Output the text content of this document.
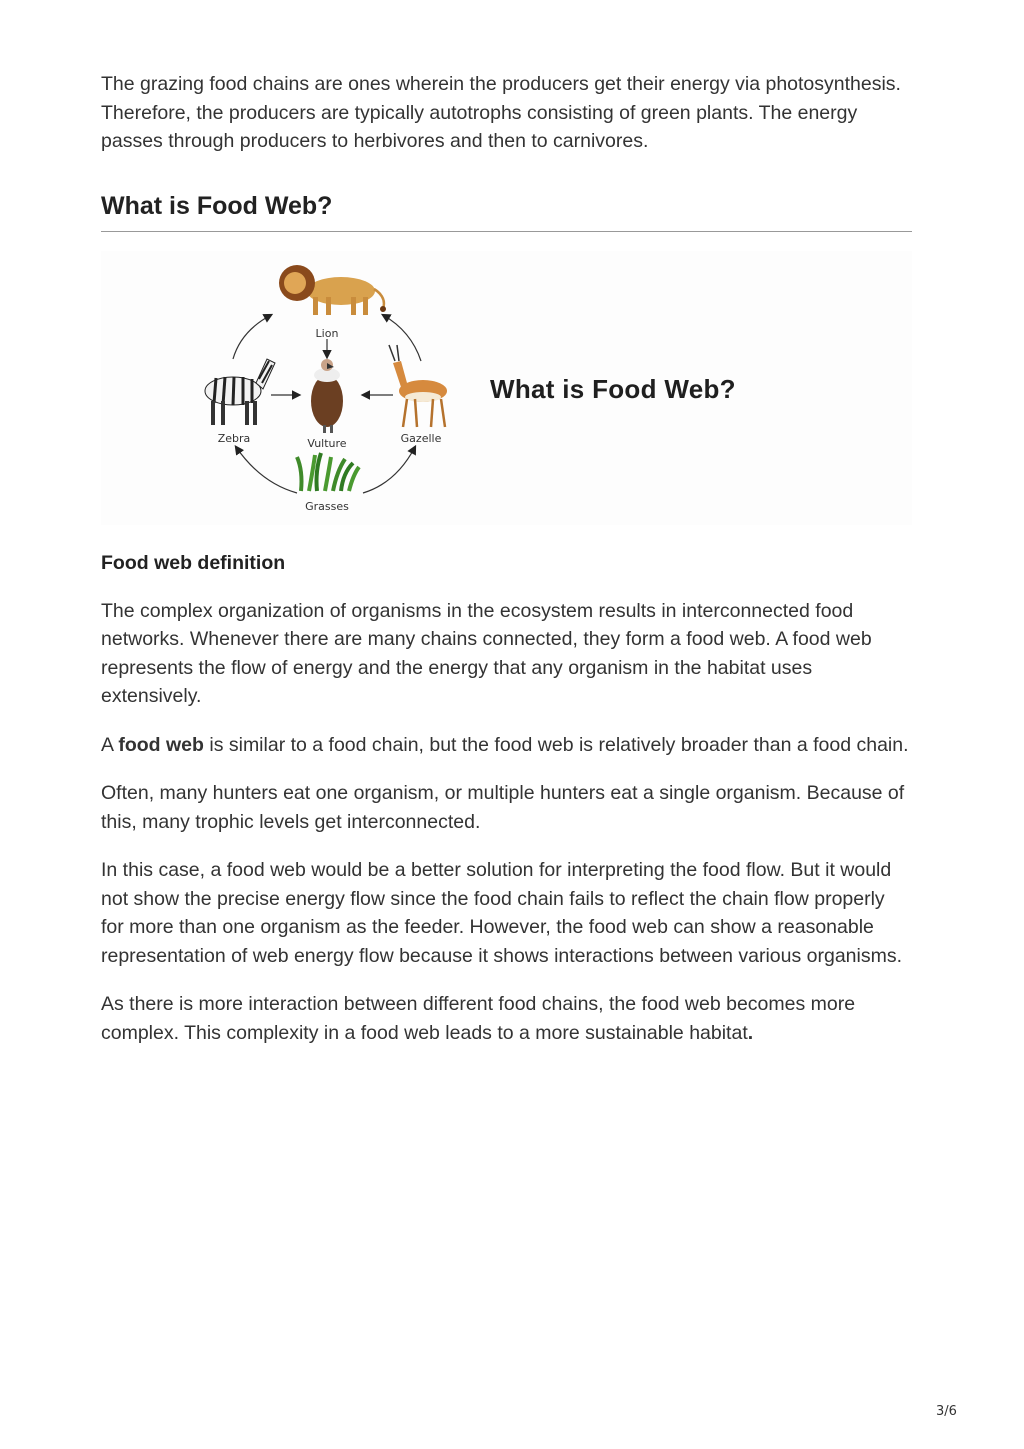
The grazing food chains are ones wherein the producers get their energy via photosynthesis. Therefore, the producers are typically autotrophs consisting of green plants. The energy passes through producers to herbivores and then to carnivores.

What is Food Web?
Lion
Zebra	Vulture	Gazelle
Grasses
What is Food Web?
Food web definition

The complex organization of organisms in the ecosystem results in interconnected food networks. Whenever there are many chains connected, they form a food web. A food web represents the flow of energy and the energy that any organism in the habitat uses extensively.

A food web is similar to a food chain, but the food web is relatively broader than a food chain.

Often, many hunters eat one organism, or multiple hunters eat a single organism. Because of this, many trophic levels get interconnected.

In this case, a food web would be a better solution for interpreting the food flow. But it would not show the precise energy flow since the food chain fails to reflect the chain flow properly for more than one organism as the feeder. However, the food web can show a reasonable representation of web energy flow because it shows interactions between various organisms.

As there is more interaction between different food chains, the food web becomes more complex. This complexity in a food web leads to a more sustainable habitat.

3/6
